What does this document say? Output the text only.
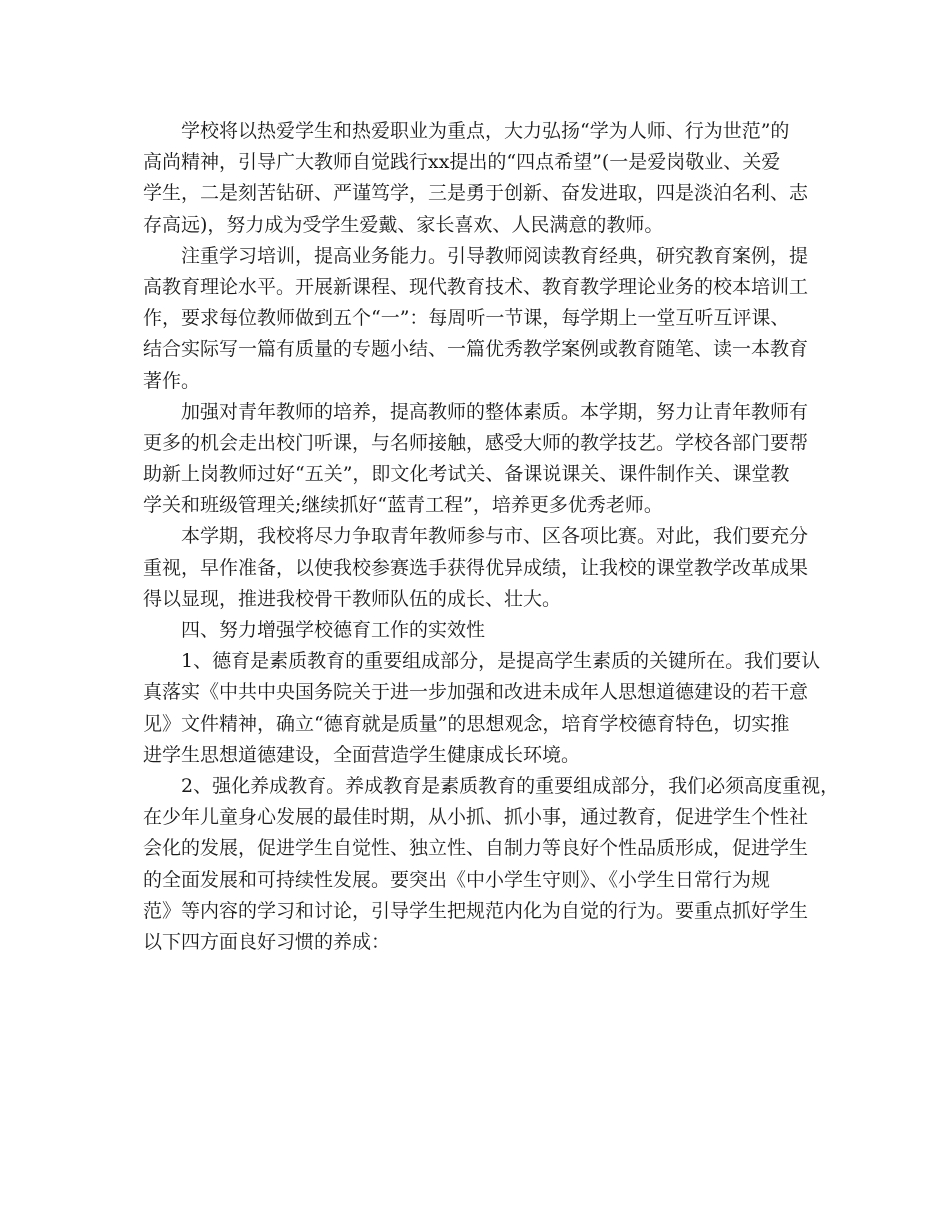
学校将以热爱学生和热爱职业为重点，大力弘扬“学为人师、行为世范”的
高尚精神，引导广大教师自觉践行xx提出的“四点希望”(一是爱岗敬业、关爱
学生，二是刻苦钻研、严谨笃学，三是勇于创新、奋发进取，四是淡泊名利、志
存高远)，努力成为受学生爱戴、家长喜欢、人民满意的教师。
注重学习培训，提高业务能力。引导教师阅读教育经典，研究教育案例，提
高教育理论水平。开展新课程、现代教育技术、教育教学理论业务的校本培训工
作，要求每位教师做到五个“一”：每周听一节课，每学期上一堂互听互评课、
结合实际写一篇有质量的专题小结、一篇优秀教学案例或教育随笔、读一本教育
著作。
加强对青年教师的培养，提高教师的整体素质。本学期，努力让青年教师有
更多的机会走出校门听课，与名师接触，感受大师的教学技艺。学校各部门要帮
助新上岗教师过好“五关”，即文化考试关、备课说课关、课件制作关、课堂教
学关和班级管理关;继续抓好“蓝青工程”，培养更多优秀老师。
本学期，我校将尽力争取青年教师参与市、区各项比赛。对此，我们要充分
重视，早作准备，以使我校参赛选手获得优异成绩，让我校的课堂教学改革成果
得以显现，推进我校骨干教师队伍的成长、壮大。
四、努力增强学校德育工作的实效性
1、德育是素质教育的重要组成部分，是提高学生素质的关键所在。我们要认
真落实《中共中央国务院关于进一步加强和改进未成年人思想道德建设的若干意
见》文件精神，确立“德育就是质量”的思想观念，培育学校德育特色，切实推
进学生思想道德建设，全面营造学生健康成长环境。
2、强化养成教育。养成教育是素质教育的重要组成部分，我们必须高度重视，
在少年儿童身心发展的最佳时期，从小抓、抓小事，通过教育，促进学生个性社
会化的发展，促进学生自觉性、独立性、自制力等良好个性品质形成，促进学生
的全面发展和可持续性发展。要突出《中小学生守则》、《小学生日常行为规
范》等内容的学习和讨论，引导学生把规范内化为自觉的行为。要重点抓好学生
以下四方面良好习惯的养成：
